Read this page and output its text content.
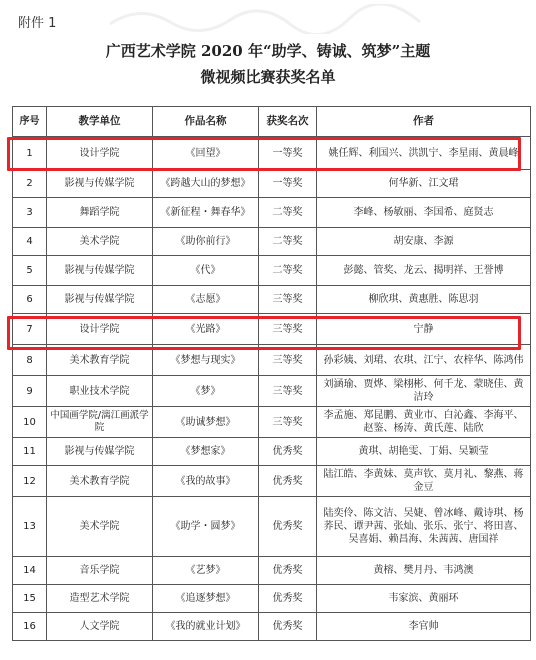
附件 1
广西艺术学院 2020 年“助学、铸诚、筑梦”主题
微视频比赛获奖名单
序号	教学单位	作品名称	获奖名次	作者
1	设计学院	《回望》	一等奖	姚任辉、利国兴、洪凯宁、李星雨、黄晨峰
2	影视与传媒学院	《跨越大山的梦想》	一等奖	何华新、江文珺
3	舞蹈学院	《新征程・舞春华》	二等奖	李峰、杨敏丽、李国希、庭贤志
4	美术学院	《助你前行》	二等奖	胡安康、李源
5	影视与传媒学院	《代》	二等奖	彭懿、管奖、龙云、揭明祥、王誉博
6	影视与传媒学院	《志愿》	三等奖	柳欣琪、黄惠胜、陈思羽
7	设计学院	《光路》	三等奖	宁静
8	美术教育学院	《梦想与现实》	三等奖	孙彩姨、刘珺、农琪、江宁、农梓华、陈鸿伟
9	职业技术学院	《梦》	三等奖	刘涵瑜、贾烨、梁栩彬、何千龙、蒙晓佳、黄洁玲
10	中国画学院/漓江画派学院	《助诚梦想》	三等奖	李孟施、郑昆鹏、黄业市、白沁鑫、李海平、赵鉴、杨涛、黄氏莲、陆欣
11	影视与传媒学院	《梦想家》	优秀奖	黄琪、胡艳雯、丁娟、吴颖莹
12	美术教育学院	《我的故事》	优秀奖	陆江皓、李黄妹、莫声钦、莫月礼、黎燕、蒋金豆
13	美术学院	《助学・圆梦》	优秀奖	陆奕伶、陈文洁、吴婕、曾冰峰、戴诗琪、杨荞民、谭尹茜、张灿、张乐、张宁、将田喜、吴喜娟、赖昌海、朱茜茜、唐国祥
14	音乐学院	《艺梦》	优秀奖	黄榕、樊月丹、韦鸿澳
15	造型艺术学院	《追逐梦想》	优秀奖	韦家滨、黄丽环
16	人文学院	《我的就业计划》	优秀奖	李官帅
